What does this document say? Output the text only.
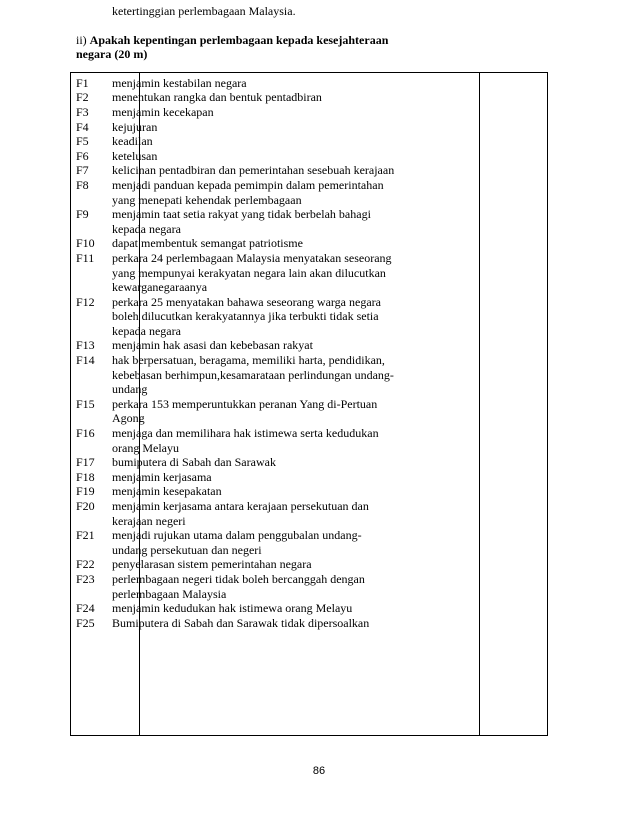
ketertinggian perlembagaan Malaysia.
ii) Apakah kepentingan perlembagaan kepada kesejahteraan negara (20 m)
F1	menjamin kestabilan negara
F2	menentukan rangka dan bentuk pentadbiran
F3	menjamin kecekapan
F4	kejujuran
F5	keadilan
F6	ketelusan
F7	kelicinan pentadbiran dan pemerintahan sesebuah kerajaan
F8	menjadi panduan kepada pemimpin dalam pemerintahan yang menepati kehendak perlembagaan
F9	menjamin taat setia rakyat yang tidak berbelah bahagi kepada negara
F10	dapat membentuk semangat patriotisme
F11	perkara 24 perlembagaan Malaysia menyatakan seseorang yang mempunyai kerakyatan negara lain akan dilucutkan kewarganegaraanya
F12	perkara 25 menyatakan bahawa seseorang warga negara boleh dilucutkan kerakyatannya jika terbukti tidak setia kepada negara
F13	menjamin hak asasi dan kebebasan rakyat
F14	hak berpersatuan, beragama, memiliki harta, pendidikan, kebebasan berhimpun,kesamarataan perlindungan undang- undang
F15	perkara 153 memperuntukkan peranan Yang di-Pertuan Agong
F16	menjaga dan memilihara hak istimewa serta kedudukan orang Melayu
F17	bumiputera di Sabah dan Sarawak
F18	menjamin kerjasama
F19	menjamin kesepakatan
F20	menjamin kerjasama antara kerajaan persekutuan dan kerajaan negeri
F21	menjadi rujukan utama dalam penggubalan undang-undang persekutuan dan negeri
F22	penyelarasan sistem pemerintahan negara
F23	perlembagaan negeri tidak boleh bercanggah dengan perlembagaan Malaysia
F24	menjamin kedudukan hak istimewa orang Melayu
F25	Bumiputera di Sabah dan Sarawak tidak dipersoalkan
86
